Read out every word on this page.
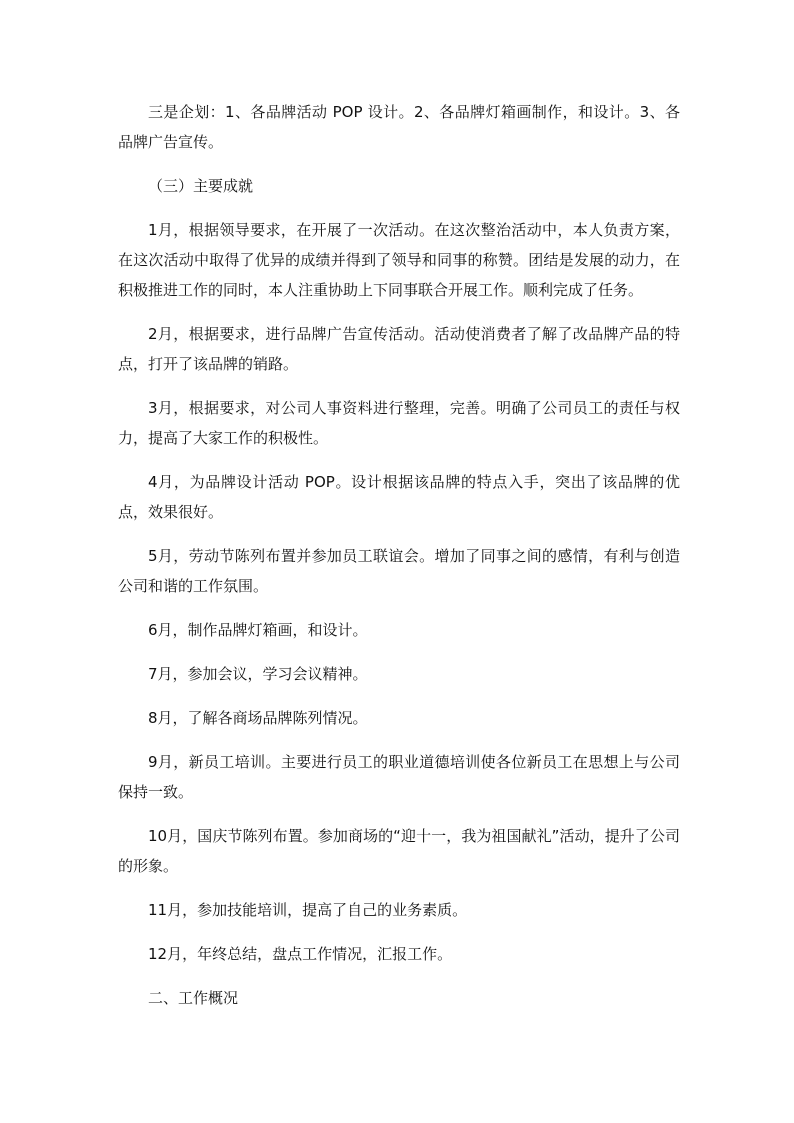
三是企划：1、各品牌活动 POP 设计。2、各品牌灯箱画制作，和设计。3、各品牌广告宣传。

（三）主要成就

1月，根据领导要求，在开展了一次活动。在这次整治活动中，本人负责方案，在这次活动中取得了优异的成绩并得到了领导和同事的称赞。团结是发展的动力，在积极推进工作的同时，本人注重协助上下同事联合开展工作。顺利完成了任务。

2月，根据要求，进行品牌广告宣传活动。活动使消费者了解了改品牌产品的特点，打开了该品牌的销路。

3月，根据要求，对公司人事资料进行整理，完善。明确了公司员工的责任与权力，提高了大家工作的积极性。

4月，为品牌设计活动 POP。设计根据该品牌的特点入手，突出了该品牌的优点，效果很好。

5月，劳动节陈列布置并参加员工联谊会。增加了同事之间的感情，有利与创造公司和谐的工作氛围。

6月，制作品牌灯箱画，和设计。

7月，参加会议，学习会议精神。

8月，了解各商场品牌陈列情况。

9月，新员工培训。主要进行员工的职业道德培训使各位新员工在思想上与公司保持一致。

10月，国庆节陈列布置。参加商场的“迎十一，我为祖国献礼”活动，提升了公司的形象。

11月，参加技能培训，提高了自己的业务素质。

12月，年终总结，盘点工作情况，汇报工作。

二、工作概况
